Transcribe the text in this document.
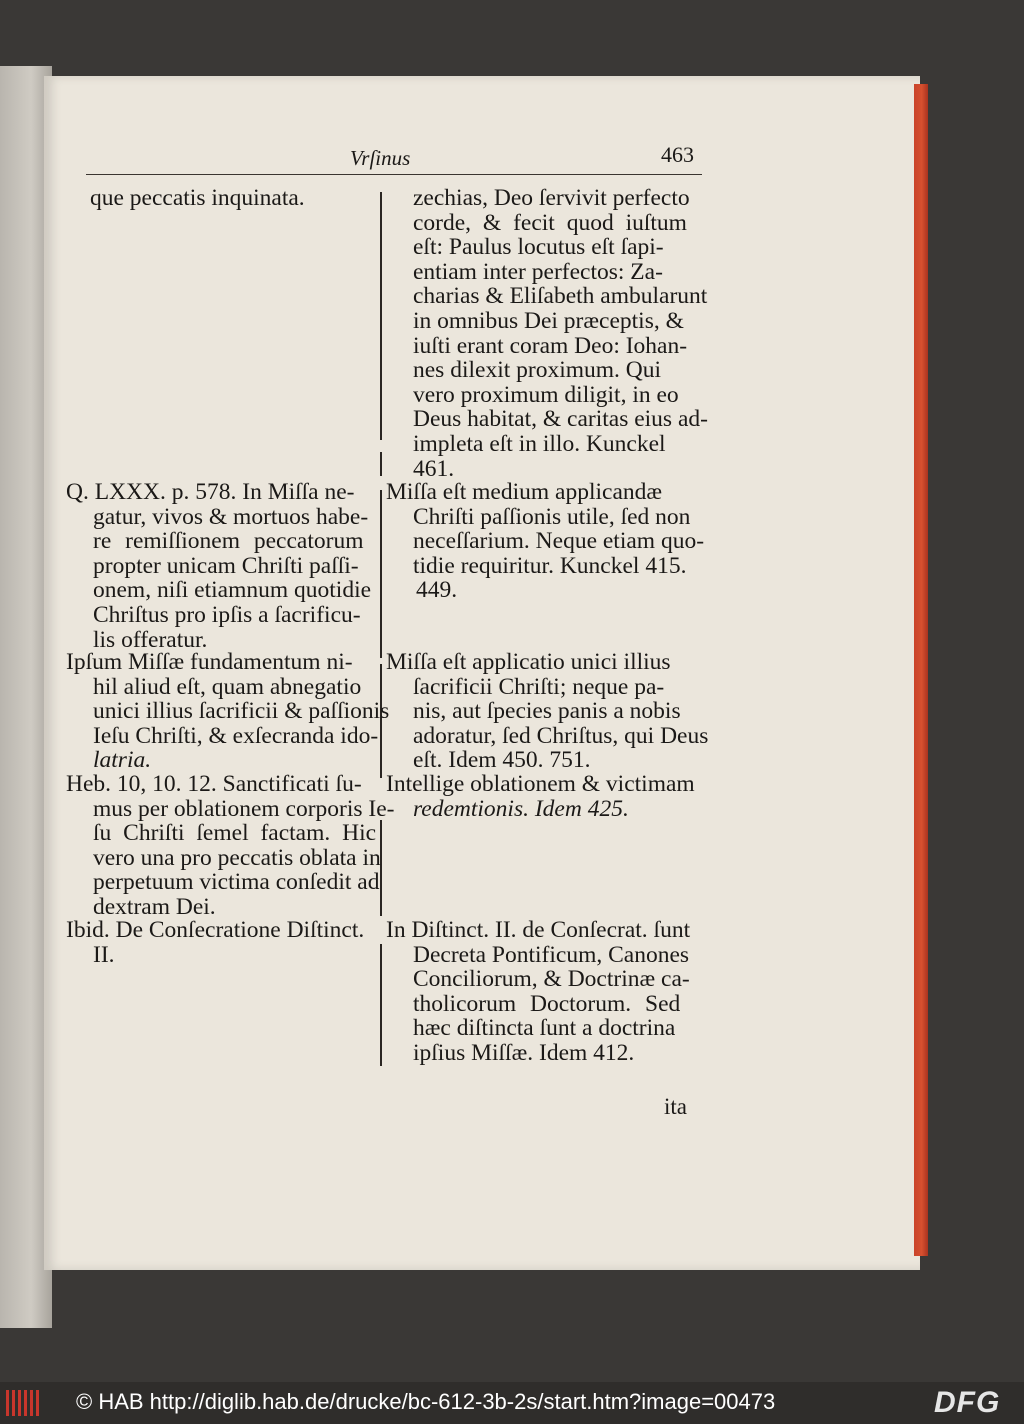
Vrſinus	463
que peccatis inquinata.
Q. LXXX. p. 578. In Miſſa ne-
gatur, vivos & mortuos habe-
re remiſſionem peccatorum
propter unicam Chriſti paſſi-
onem, niſi etiamnum quotidie
Chriſtus pro ipſis a ſacrificu-
lis offeratur.
Ipſum Miſſæ fundamentum ni-
hil aliud eſt, quam abnegatio
unici illius ſacrificii & paſſionis
Ieſu Chriſti, & exſecranda ido-
latria.
Heb. 10, 10. 12. Sanctificati ſu-
mus per oblationem corporis Ie-
ſu Chriſti ſemel factam. Hic
vero una pro peccatis oblata in
perpetuum victima conſedit ad
dextram Dei.
Ibid. De Conſecratione Diſtinct.
II.
zechias, Deo ſervivit perfecto
corde, & fecit quod iuſtum
eſt: Paulus locutus eſt ſapi-
entiam inter perfectos: Za-
charias & Eliſabeth ambularunt
in omnibus Dei præceptis, &
iuſti erant coram Deo: Iohan-
nes dilexit proximum. Qui
vero proximum diligit, in eo
Deus habitat, & caritas eius ad-
impleta eſt in illo. Kunckel
461.
Miſſa eſt medium applicandæ
Chriſti paſſionis utile, ſed non
neceſſarium. Neque etiam quo-
tidie requiritur. Kunckel 415.
449.
Miſſa eſt applicatio unici illius
ſacrificii Chriſti; neque pa-
nis, aut ſpecies panis a nobis
adoratur, ſed Chriſtus, qui Deus
eſt. Idem 450. 751.
Intellige oblationem & victimam
redemtionis. Idem 425.
In Diſtinct. II. de Conſecrat. ſunt
Decreta Pontificum, Canones
Conciliorum, & Doctrinæ ca-
tholicorum Doctorum. Sed
hæc diſtincta ſunt a doctrina
ipſius Miſſæ. Idem 412.
ita
© HAB http://diglib.hab.de/drucke/bc-612-3b-2s/start.htm?image=00473	DFG
